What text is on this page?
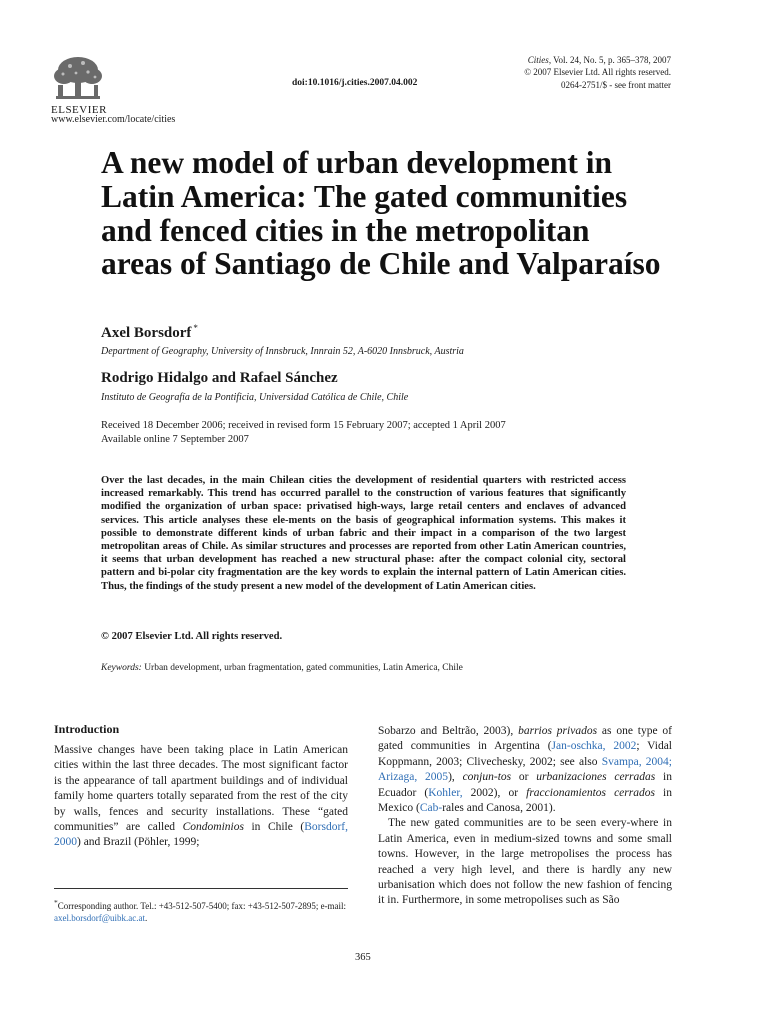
ELSEVIER
www.elsevier.com/locate/cities
doi:10.1016/j.cities.2007.04.002
Cities, Vol. 24, No. 5, p. 365–378, 2007
© 2007 Elsevier Ltd. All rights reserved.
0264-2751/$ - see front matter
A new model of urban development in Latin America: The gated communities and fenced cities in the metropolitan areas of Santiago de Chile and Valparaíso
Axel Borsdorf *
Department of Geography, University of Innsbruck, Innrain 52, A-6020 Innsbruck, Austria
Rodrigo Hidalgo and Rafael Sánchez
Instituto de Geografía de la Pontificia, Universidad Católica de Chile, Chile
Received 18 December 2006; received in revised form 15 February 2007; accepted 1 April 2007
Available online 7 September 2007

Over the last decades, in the main Chilean cities the development of residential quarters with restricted access increased remarkably. This trend has occurred parallel to the construction of various features that significantly modified the organization of urban space: privatised high-ways, large retail centers and enclaves of advanced services. This article analyses these ele-ments on the basis of geographical information systems. This makes it possible to demonstrate different kinds of urban fabric and their impact in a comparison of the two largest metropolitan areas of Chile. As similar structures and processes are reported from other Latin American countries, it seems that urban development has reached a new structural phase: after the compact colonial city, sectoral pattern and bi-polar city fragmentation are the key words to explain the internal pattern of Latin American cities. Thus, the findings of the study present a new model of the development of Latin American cities.

© 2007 Elsevier Ltd. All rights reserved.
Keywords: Urban development, urban fragmentation, gated communities, Latin America, Chile
Introduction

Massive changes have been taking place in Latin American cities within the last three decades. The most significant factor is the appearance of tall apartment buildings and of individual family home quarters totally separated from the rest of the city by walls, fences and security installations. These “gated communities” are called Condominios in Chile (Borsdorf, 2000) and Brazil (Pöhler, 1999;

Sobarzo and Beltrão, 2003), barrios privados as one type of gated communities in Argentina (Jan-oschka, 2002; Vidal Koppmann, 2003; Clivechesky, 2002; see also Svampa, 2004; Arizaga, 2005), conjun-tos or urbanizaciones cerradas in Ecuador (Kohler, 2002), or fraccionamientos cerrados in Mexico (Cab-rales and Canosa, 2001).

The new gated communities are to be seen every-where in Latin America, even in medium-sized towns and some small towns. However, in the large metropolises the process has reached a very high level, and there is hardly any new urbanisation which does not follow the new fashion of fencing it in. Furthermore, in some metropolises such as São

*Corresponding author. Tel.: +43-512-507-5400; fax: +43-512-507-2895; e-mail: axel.borsdorf@uibk.ac.at.

365
